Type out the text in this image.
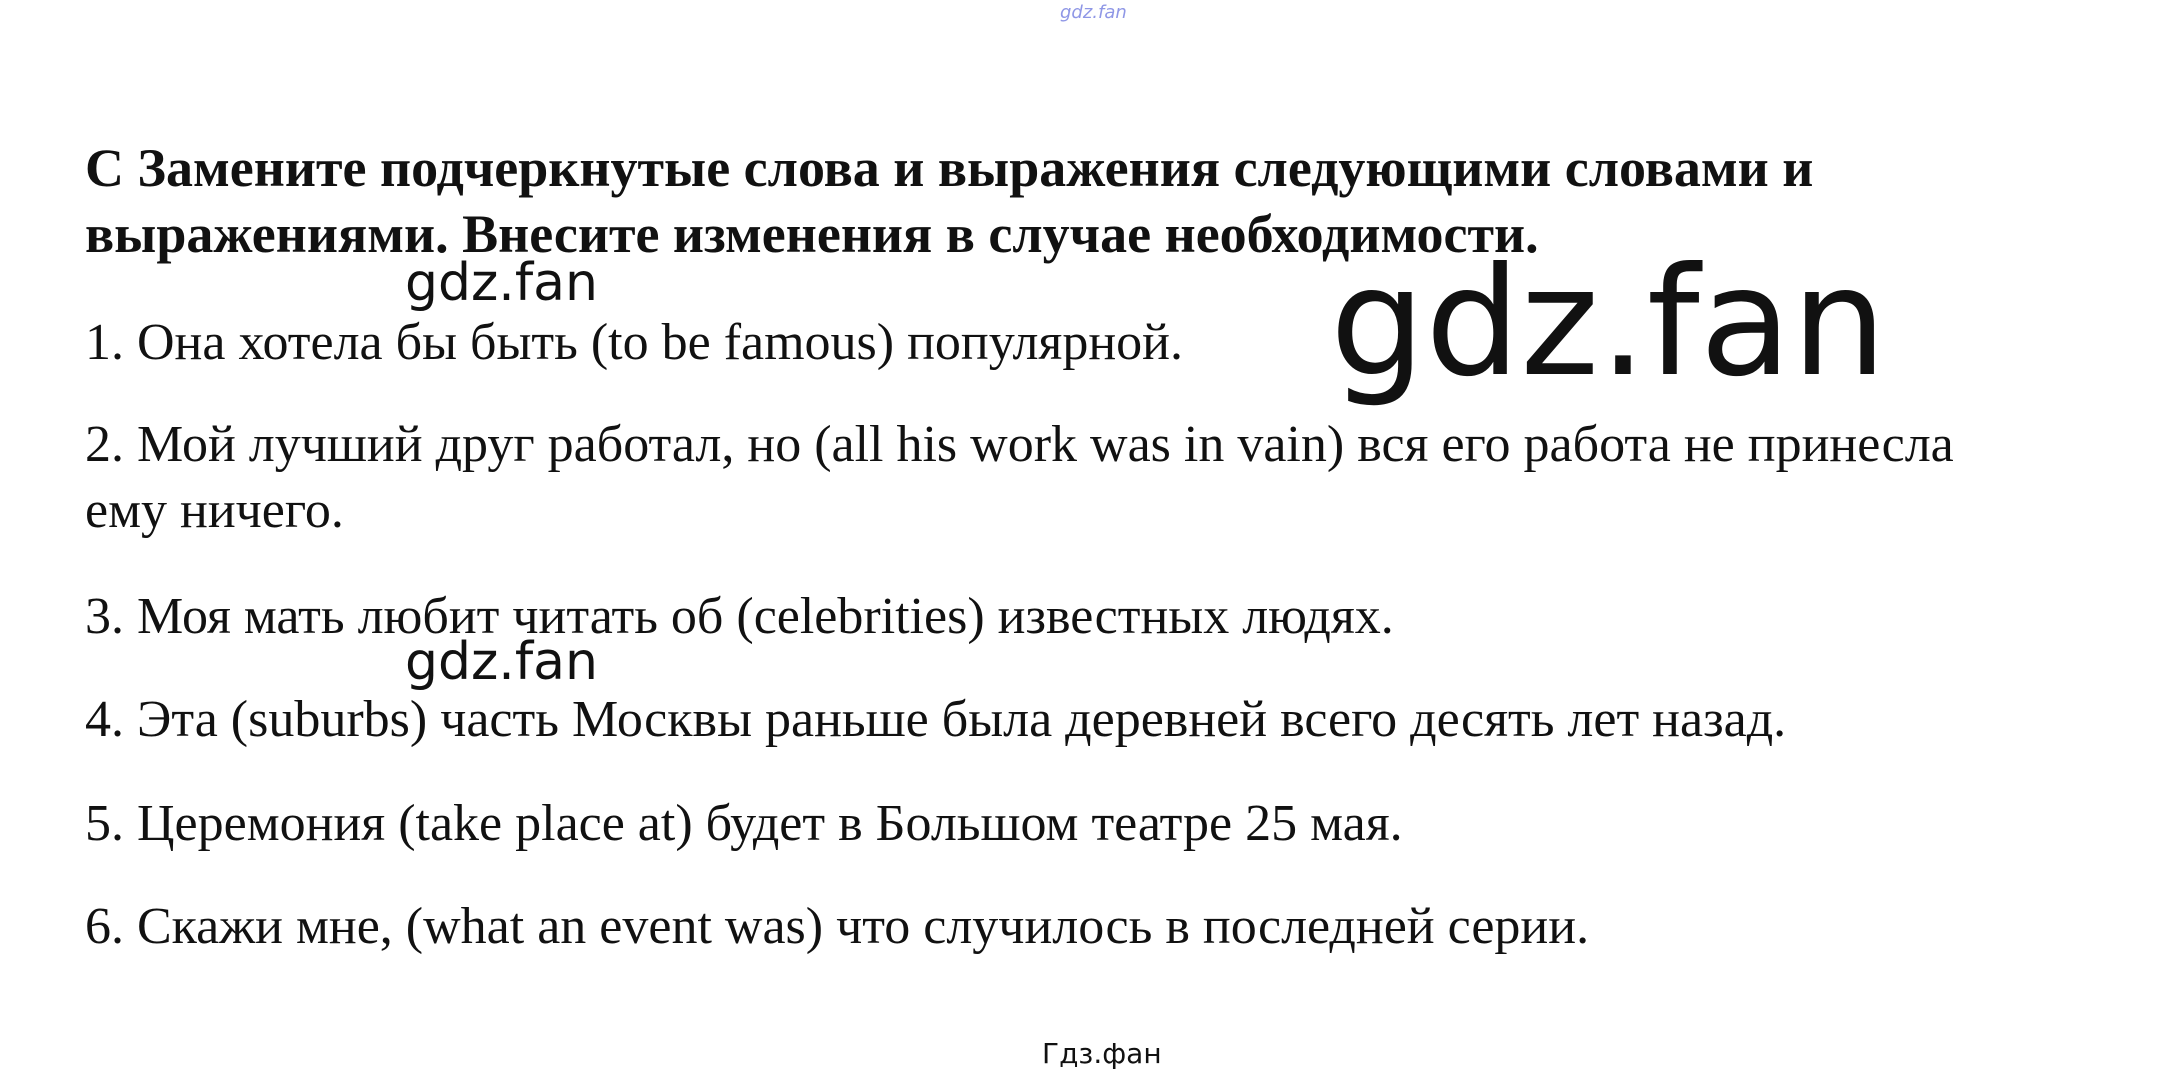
gdz.fan
C Замените подчеркнутые слова и выражения следующими словами и выражениями. Внесите изменения в случае необходимости.

1. Она хотела бы быть (to be famous) популярной.

2. Мой лучший друг работал, но (all his work was in vain) вся его работа не принесла ему ничего.

3. Моя мать любит читать об (celebrities) известных людях.

4. Эта (suburbs) часть Москвы раньше была деревней всего десять лет назад.

5. Церемония (take place at) будет в Большом театре 25 мая.

6. Скажи мне, (what an event was) что случилось в последней серии.

gdz.fan
gdz.fan
gdz.fan
Гдз.фан
